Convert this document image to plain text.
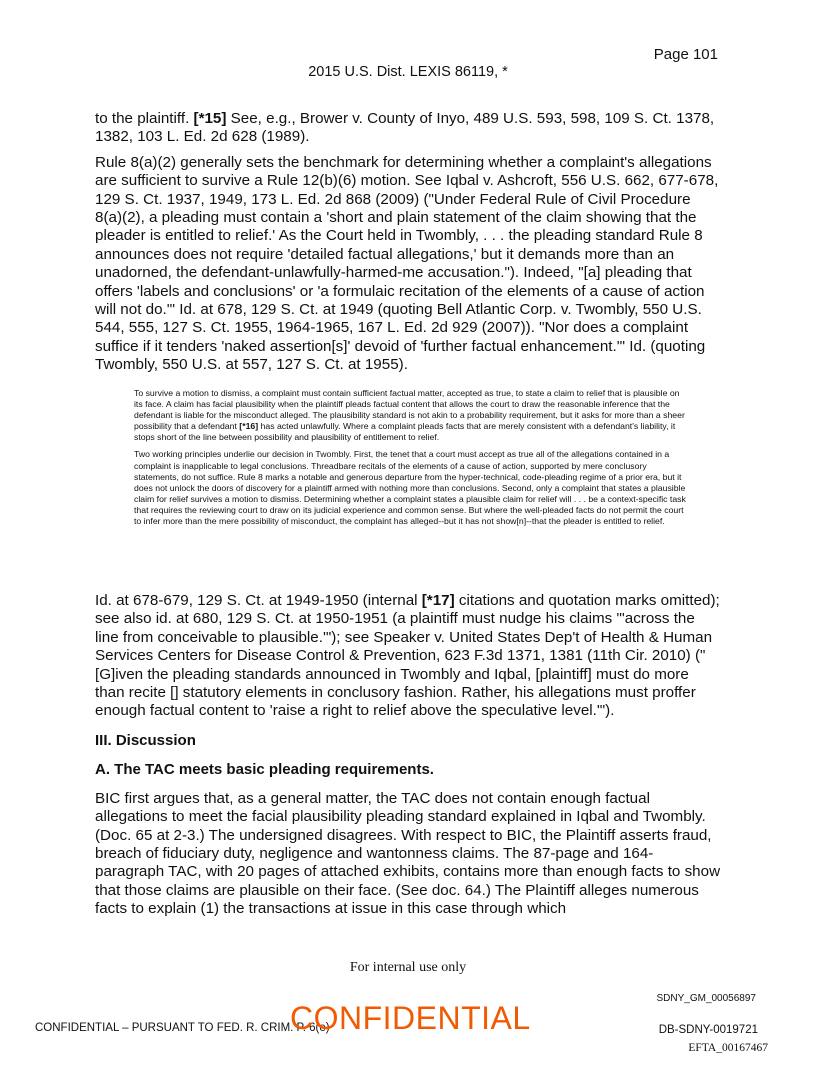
Page 101
2015 U.S. Dist. LEXIS 86119, *

to the plaintiff. [*15] See, e.g., Brower v. County of Inyo, 489 U.S. 593, 598, 109 S. Ct. 1378, 1382, 103 L. Ed. 2d 628 (1989).

Rule 8(a)(2) generally sets the benchmark for determining whether a complaint's allegations are sufficient to survive a Rule 12(b)(6) motion. See Iqbal v. Ashcroft, 556 U.S. 662, 677-678, 129 S. Ct. 1937, 1949, 173 L. Ed. 2d 868 (2009) ("Under Federal Rule of Civil Procedure 8(a)(2), a pleading must contain a 'short and plain statement of the claim showing that the pleader is entitled to relief.' As the Court held in Twombly, . . . the pleading standard Rule 8 announces does not require 'detailed factual allegations,' but it demands more than an unadorned, the defendant-unlawfully-harmed-me accusation."). Indeed, "[a] pleading that offers 'labels and conclusions' or 'a formulaic recitation of the elements of a cause of action will not do.'" Id. at 678, 129 S. Ct. at 1949 (quoting Bell Atlantic Corp. v. Twombly, 550 U.S. 544, 555, 127 S. Ct. 1955, 1964-1965, 167 L. Ed. 2d 929 (2007)). "Nor does a complaint suffice if it tenders 'naked assertion[s]' devoid of 'further factual enhancement.'" Id. (quoting Twombly, 550 U.S. at 557, 127 S. Ct. at 1955).

To survive a motion to dismiss, a complaint must contain sufficient factual matter, accepted as true, to state a claim to relief that is plausible on its face. A claim has facial plausibility when the plaintiff pleads factual content that allows the court to draw the reasonable inference that the defendant is liable for the misconduct alleged. The plausibility standard is not akin to a probability requirement, but it asks for more than a sheer possibility that a defendant [*16] has acted unlawfully. Where a complaint pleads facts that are merely consistent with a defendant's liability, it stops short of the line between possibility and plausibility of entitlement to relief.

Two working principles underlie our decision in Twombly. First, the tenet that a court must accept as true all of the allegations contained in a complaint is inapplicable to legal conclusions. Threadbare recitals of the elements of a cause of action, supported by mere conclusory statements, do not suffice. Rule 8 marks a notable and generous departure from the hyper-technical, code-pleading regime of a prior era, but it does not unlock the doors of discovery for a plaintiff armed with nothing more than conclusions. Second, only a complaint that states a plausible claim for relief survives a motion to dismiss. Determining whether a complaint states a plausible claim for relief will . . . be a context-specific task that requires the reviewing court to draw on its judicial experience and common sense. But where the well-pleaded facts do not permit the court to infer more than the mere possibility of misconduct, the complaint has alleged--but it has not show[n]--that the pleader is entitled to relief.

Id. at 678-679, 129 S. Ct. at 1949-1950 (internal [*17] citations and quotation marks omitted); see also id. at 680, 129 S. Ct. at 1950-1951 (a plaintiff must nudge his claims "'across the line from conceivable to plausible.'"); see Speaker v. United States Dep't of Health & Human Services Centers for Disease Control & Prevention, 623 F.3d 1371, 1381 (11th Cir. 2010) ("[G]iven the pleading standards announced in Twombly and Iqbal, [plaintiff] must do more than recite [] statutory elements in conclusory fashion. Rather, his allegations must proffer enough factual content to 'raise a right to relief above the speculative level.'").

III. Discussion
A. The TAC meets basic pleading requirements.

BIC first argues that, as a general matter, the TAC does not contain enough factual allegations to meet the facial plausibility pleading standard explained in Iqbal and Twombly. (Doc. 65 at 2-3.) The undersigned disagrees. With respect to BIC, the Plaintiff asserts fraud, breach of fiduciary duty, negligence and wantonness claims. The 87-page and 164-paragraph TAC, with 20 pages of attached exhibits, contains more than enough facts to show that those claims are plausible on their face. (See doc. 64.) The Plaintiff alleges numerous facts to explain (1) the transactions at issue in this case through which

For internal use only
SDNY_GM_00056897
CONFIDENTIAL – PURSUANT TO FED. R. CRIM. P. 6(e)
CONFIDENTIAL	DB-SDNY-0019721
EFTA_00167467
